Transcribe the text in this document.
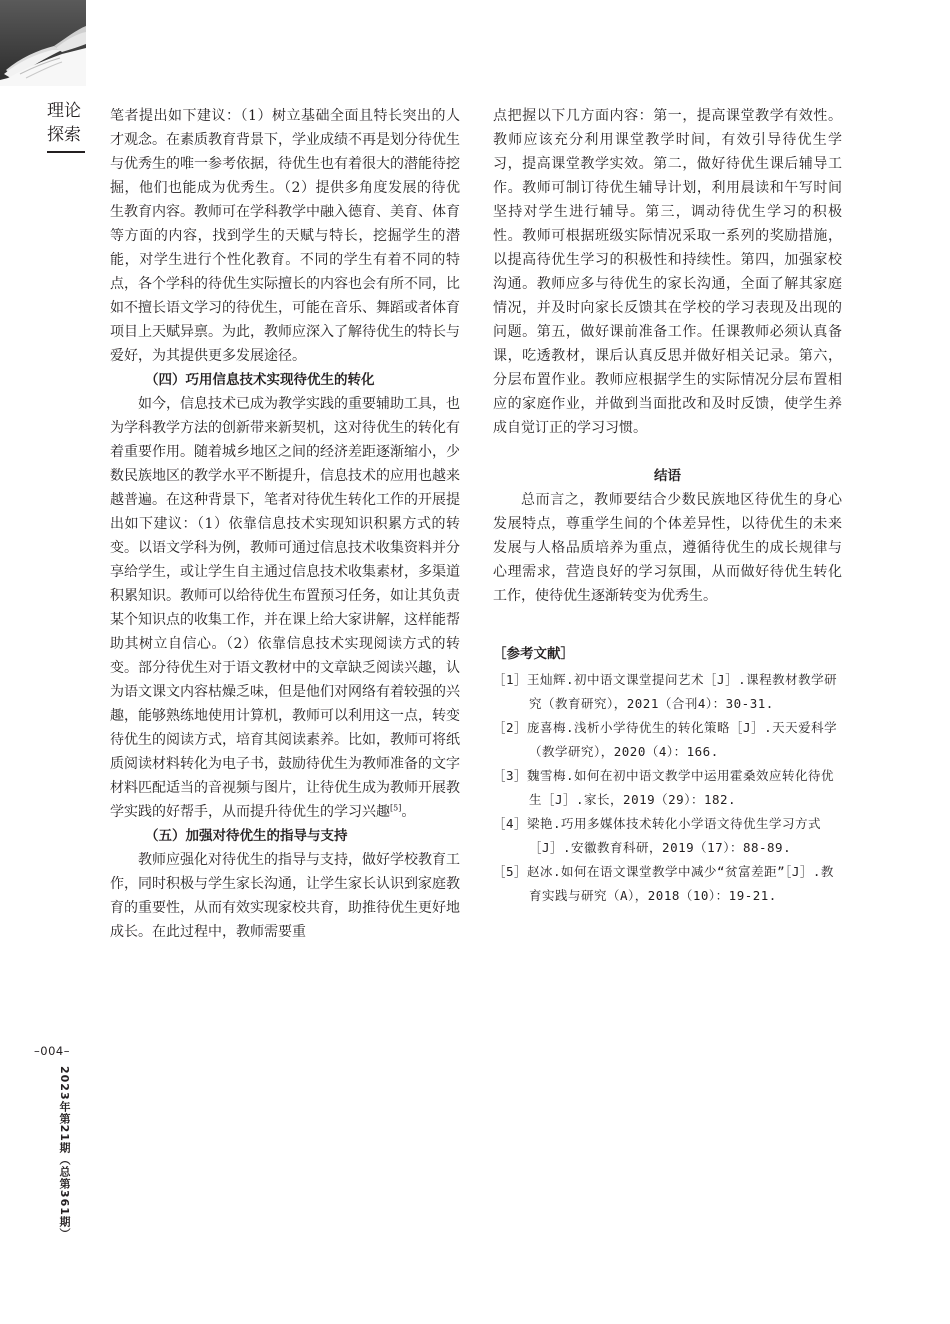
理论
探索
–004–
2023年第21期（总第361期）

笔者提出如下建议：（1）树立基础全面且特长突出的人才观念。在素质教育背景下，学业成绩不再是划分待优生与优秀生的唯一参考依据，待优生也有着很大的潜能待挖掘，他们也能成为优秀生。（2）提供多角度发展的待优生教育内容。教师可在学科教学中融入德育、美育、体育等方面的内容，找到学生的天赋与特长，挖掘学生的潜能，对学生进行个性化教育。不同的学生有着不同的特点，各个学科的待优生实际擅长的内容也会有所不同，比如不擅长语文学习的待优生，可能在音乐、舞蹈或者体育项目上天赋异禀。为此，教师应深入了解待优生的特长与爱好，为其提供更多发展途径。

（四）巧用信息技术实现待优生的转化

如今，信息技术已成为教学实践的重要辅助工具，也为学科教学方法的创新带来新契机，这对待优生的转化有着重要作用。随着城乡地区之间的经济差距逐渐缩小，少数民族地区的教学水平不断提升，信息技术的应用也越来越普遍。在这种背景下，笔者对待优生转化工作的开展提出如下建议：（1）依靠信息技术实现知识积累方式的转变。以语文学科为例，教师可通过信息技术收集资料并分享给学生，或让学生自主通过信息技术收集素材，多渠道积累知识。教师可以给待优生布置预习任务，如让其负责某个知识点的收集工作，并在课上给大家讲解，这样能帮助其树立自信心。（2）依靠信息技术实现阅读方式的转变。部分待优生对于语文教材中的文章缺乏阅读兴趣，认为语文课文内容枯燥乏味，但是他们对网络有着较强的兴趣，能够熟练地使用计算机，教师可以利用这一点，转变待优生的阅读方式，培育其阅读素养。比如，教师可将纸质阅读材料转化为电子书，鼓励待优生为教师准备的文字材料匹配适当的音视频与图片，让待优生成为教师开展教学实践的好帮手，从而提升待优生的学习兴趣[5]。

（五）加强对待优生的指导与支持

教师应强化对待优生的指导与支持，做好学校教育工作，同时积极与学生家长沟通，让学生家长认识到家庭教育的重要性，从而有效实现家校共育，助推待优生更好地成长。在此过程中，教师需要重

点把握以下几方面内容：第一，提高课堂教学有效性。教师应该充分利用课堂教学时间，有效引导待优生学习，提高课堂教学实效。第二，做好待优生课后辅导工作。教师可制订待优生辅导计划，利用晨读和午写时间坚持对学生进行辅导。第三，调动待优生学习的积极性。教师可根据班级实际情况采取一系列的奖励措施，以提高待优生学习的积极性和持续性。第四，加强家校沟通。教师应多与待优生的家长沟通，全面了解其家庭情况，并及时向家长反馈其在学校的学习表现及出现的问题。第五，做好课前准备工作。任课教师必须认真备课，吃透教材，课后认真反思并做好相关记录。第六，分层布置作业。教师应根据学生的实际情况分层布置相应的家庭作业，并做到当面批改和及时反馈，使学生养成自觉订正的学习习惯。

结语

总而言之，教师要结合少数民族地区待优生的身心发展特点，尊重学生间的个体差异性，以待优生的未来发展与人格品质培养为重点，遵循待优生的成长规律与心理需求，营造良好的学习氛围，从而做好待优生转化工作，使待优生逐渐转变为优秀生。

［参考文献］
［1］王灿辉.初中语文课堂提问艺术［J］.课程教材教学研究（教育研究），2021（合刊4）：30-31.
［2］庞喜梅.浅析小学待优生的转化策略［J］.天天爱科学（教学研究），2020（4）：166.
［3］魏雪梅.如何在初中语文教学中运用霍桑效应转化待优生［J］.家长，2019（29）：182.
［4］梁艳.巧用多媒体技术转化小学语文待优生学习方式［J］.安徽教育科研，2019（17）：88-89.
［5］赵冰.如何在语文课堂教学中减少“贫富差距”［J］.教育实践与研究（A），2018（10）：19-21.
